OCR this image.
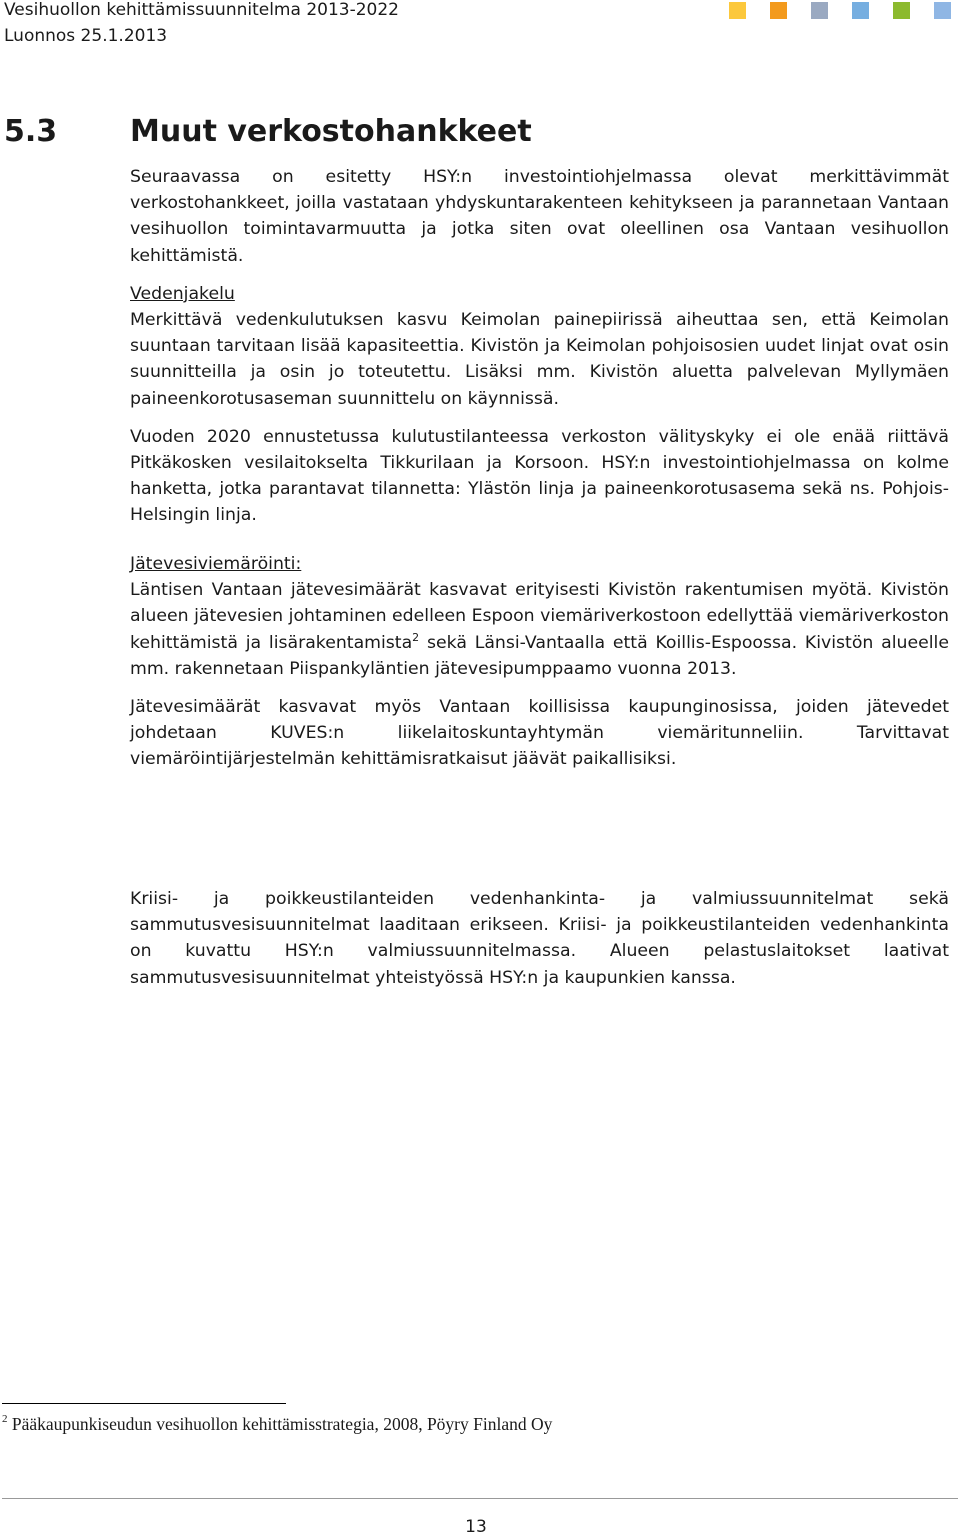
Vesihuollon kehittämissuunnitelma 2013-2022
Luonnos 25.1.2013
5.3 Muut verkostohankkeet

Seuraavassa on esitetty HSY:n investointiohjelmassa olevat merkittävimmät verkostohankkeet, joilla vastataan yhdyskuntarakenteen kehitykseen ja parannetaan Vantaan vesihuollon toimintavarmuutta ja jotka siten ovat oleellinen osa Vantaan vesihuollon kehittämistä.

Vedenjakelu

Merkittävä vedenkulutuksen kasvu Keimolan painepiirissä aiheuttaa sen, että Keimolan suuntaan tarvitaan lisää kapasiteettia. Kivistön ja Keimolan pohjoisosien uudet linjat ovat osin suunnitteilla ja osin jo toteutettu. Lisäksi mm. Kivistön aluetta palvelevan Myllymäen paineenkorotusaseman suunnittelu on käynnissä.

Vuoden 2020 ennustetussa kulutustilanteessa verkoston välityskyky ei ole enää riittävä Pitkäkosken vesilaitokselta Tikkurilaan ja Korsoon. HSY:n investointiohjelmassa on kolme hanketta, jotka parantavat tilannetta: Ylästön linja ja paineenkorotusasema sekä ns. Pohjois-Helsingin linja.

Jätevesiviemäröinti:

Läntisen Vantaan jätevesimäärät kasvavat erityisesti Kivistön rakentumisen myötä. Kivistön alueen jätevesien johtaminen edelleen Espoon viemäriverkostoon edellyttää viemäriverkoston kehittämistä ja lisärakentamista$^2$ sekä Länsi-Vantaalla että Koillis-Espoossa. Kivistön alueelle mm. rakennetaan Piispankyläntien jätevesipumppaamo vuonna 2013.

Jätevesimäärät kasvavat myös Vantaan koillisissa kaupunginosissa, joiden jätevedet johdetaan KUVES:n liikelaitoskuntayhtymän viemäritunneliin. Tarvittavat viemäröintijärjestelmän kehittämisratkaisut jäävät paikallisiksi.

Kriisi- ja poikkeustilanteiden vedenhankinta- ja valmiussuunnitelmat sekä sammutusvesisuunnitelmat laaditaan erikseen. Kriisi- ja poikkeustilanteiden vedenhankinta on kuvattu HSY:n valmiussuunnitelmassa. Alueen pelastuslaitokset laativat sammutusvesisuunnitelmat yhteistyössä HSY:n ja kaupunkien kanssa.

$^2$ Pääkaupunkiseudun vesihuollon kehittämisstrategia, 2008, Pöyry Finland Oy
13
